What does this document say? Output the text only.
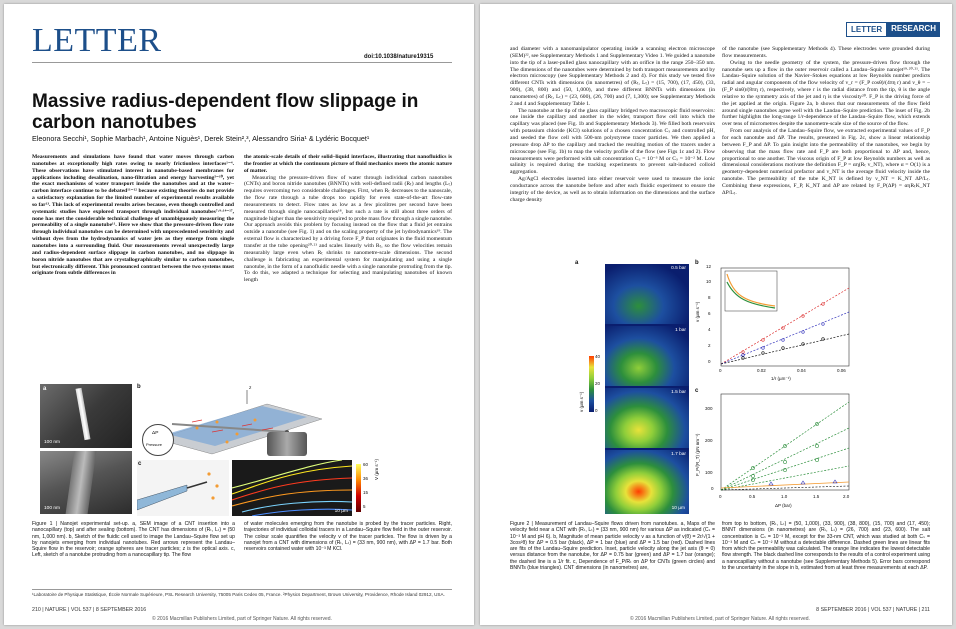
LETTER	doi:10.1038/nature19315
Massive radius-dependent flow slippage in carbon nanotubes
Eleonora Secchi¹, Sophie Marbach¹, Antoine Niguès¹, Derek Stein²,³, Alessandro Siria¹ & Lydéric Bocquet¹

Measurements and simulations have found that water moves through carbon nanotubes at exceptionally high rates owing to nearly frictionless interfaces¹⁻⁴. These observations have stimulated interest in nanotube-based membranes for applications including desalination, nano-filtration and energy harvesting⁵⁻¹⁰, yet the exact mechanisms of water transport inside the nanotubes and at the water–carbon interface continue to be debated¹¹⁻¹² because existing theories do not provide a satisfactory explanation for the limited number of experimental results available so far¹³. This lack of experimental results arises because, even though controlled and systematic studies have explored transport through individual nanotubes⁷·⁹·¹⁴⁻¹⁷, none has met the considerable technical challenge of unambiguously measuring the permeability of a single nanotube¹¹. Here we show that the pressure-driven flow rate through individual nanotubes can be determined with unprecedented sensitivity and without dyes from the hydrodynamics of water jets as they emerge from single nanotubes into a surrounding fluid. Our measurements reveal unexpectedly large and radius-dependent surface slippage in carbon nanotubes, and no slippage in boron nitride nanotubes that are crystallographically similar to carbon nanotubes, but electronically different. This pronounced contrast between the two systems must originate from subtle differences in

the atomic-scale details of their solid–liquid interfaces, illustrating that nanofluidics is the frontier at which the continuum picture of fluid mechanics meets the atomic nature of matter.

Measuring the pressure-driven flow of water through individual carbon nanotubes (CNTs) and boron nitride nanotubes (BNNTs) with well-defined radii (Rₜ) and lengths (Lₜ) requires overcoming two considerable challenges. First, when Rₜ decreases to the nanoscale, the flow rate through a tube drops too rapidly for even state-of-the-art flow-rate measurements to detect. Flow rates as low as a few picolitres per second have been measured through single nanocapillaries¹⁸, but such a rate is still about three orders of magnitude higher than the sensitivity required to probe mass flow through a single nanotube. Our approach avoids this problem by focusing instead on the flow that a fluid jet entrains outside a nanotube (see Fig. 1) and on the scaling property of the jet hydrodynamics¹⁹. The external flow is characterized by a driving force F_P that originates in the fluid momentum transfer at the tube opening²⁰·²¹ and scales linearly with Rₜ, so the flow velocities remain measurably large even when Rₜ shrinks to nanometre-scale dimensions. The second challenge is fabricating an experimental system for manipulating and using a single nanotube, in the form of a nanofluidic needle with a single nanotube protruding from the tip. To do this, we adapted a technique for selecting and manipulating nanotubes of known length

a
100 nm
100 nm
b	z
ΔP
Pressure
c
10 µm
60
36
15
5
V (µm s⁻¹)
Figure 1 | Nanojet experimental set-up. a, SEM image of a CNT insertion into a nanocapillary (top) and after sealing (bottom). The CNT has dimensions of (Rₜ, Lₜ) = (50 nm, 1,000 nm). b, Sketch of the fluidic cell used to image the Landau–Squire flow set up by nanojets emerging from individual nanotubes. Red arrows represent the Landau–Squire flow in the reservoir; orange spheres are tracer particles; z is the optical axis. c, Left, sketch of a nanotube protruding from a nanocapillary tip. The flow
of water molecules emerging from the nanotube is probed by the tracer particles. Right, trajectories of individual colloidal tracers in a Landau–Squire flow field in the outer reservoir. The colour scale quantifies the velocity v of the tracer particles. The flow is driven by a nanojet from a CNT with dimensions of (Rₜ, Lₜ) = (33 nm, 900 nm), with ΔP = 1.7 bar. Both reservoirs contained water with 10⁻³ M KCl.
¹Laboratoire de Physique Statistique, École Normale Supérieure, PSL Research University, 75005 Paris Cedex 05, France. ²Physics Department, Brown University, Providence, Rhode Island 02912, USA.
210 | NATURE | VOL 537 | 8 SEPTEMBER 2016
© 2016 Macmillan Publishers Limited, part of Springer Nature. All rights reserved.
LETTER	RESEARCH

and diameter with a nanomanipulator operating inside a scanning electron microscope (SEM)²², see Supplementary Methods 1 and Supplementary Video 1. We guided a nanotube into the tip of a laser-pulled glass nanocapillary with an orifice in the range 250–350 nm. The dimensions of the nanotubes were determined by both transport measurements and by electron microscopy (see Supplementary Methods 2 and 4). For this study we tested five different CNTs with dimensions (in nanometres) of (Rₜ, Lₜ) = (15, 700), (17, 450), (33, 900), (38, 800) and (50, 1,000), and three different BNNTs with dimensions (in nanometres) of (Rₜ, Lₜ) = (23, 600), (26, 700) and (7, 1,300); see Supplementary Methods 2 and 4 and Supplementary Table 1.

The nanotube at the tip of the glass capillary bridged two macroscopic fluid reservoirs: one inside the capillary and another in the wider, transport flow cell into which the capillary was placed (see Fig. 1b and Supplementary Methods 3). We filled both reservoirs with potassium chloride (KCl) solutions of a chosen concentration Cₛ and controlled pH, and seeded the flow cell with 500-nm polystyrene tracer particles. We then applied a pressure drop ΔP to the capillary and tracked the resulting motion of the tracers under a microscope (see Fig. 1b) to map the velocity profile of the flow (see Figs 1c and 2). Flow measurements were performed with salt concentration Cₛ = 10⁻³ M or Cₛ = 10⁻² M. Low salinity is required during the tracking experiments to prevent salt-induced colloid aggregation.

Ag/AgCl electrodes inserted into either reservoir were used to measure the ionic conductance across the nanotube before and after each fluidic experiment to ensure the integrity of the device, as well as to obtain information on the dimensions and the surface charge density

of the nanotube (see Supplementary Methods 4). These electrodes were grounded during flow measurements.

Owing to the needle geometry of the system, the pressure-driven flow through the nanotube sets up a flow in the outer reservoir called a Landau–Squire nanojet¹⁹·²⁰·²¹. The Landau–Squire solution of the Navier–Stokes equations at low Reynolds number predicts radial and angular components of the flow velocity of v_r = (F_P cosθ)/(4πη r) and v_θ = −(F_P sinθ)/(8πη r), respectively, where r is the radial distance from the tip, θ is the angle relative to the symmetry axis of the jet and η is the viscosity²⁰. F_P is the driving force of the jet applied at the origin. Figure 2a, b shows that our measurements of the flow field around single nanotubes agree well with the Landau–Squire prediction. The inset of Fig. 2b further highlights the long-range 1/r-dependence of the Landau–Squire flow, which extends over tens of micrometres despite the nanometre-scale size of the source of the flow.

From our analysis of the Landau–Squire flow, we extracted experimental values of F_P for each nanotube and ΔP. The results, presented in Fig. 2c, show a linear relationship between F_P and ΔP. To gain insight into the permeability of the nanotubes, we begin by observing that the mass flow rate and F_P are both proportional to ΔP and, hence, proportional to one another. The viscous origin of F_P at low Reynolds numbers as well as dimensional considerations motivate the definition F_P = αη(Rₜ v_NT), where α = O(1) is a geometry-dependent numerical prefactor and v_NT is the average fluid velocity inside the nanotube. The permeability of the tube K_NT is defined by v_NT = K_NT ΔP/Lₜ. Combining these expressions, F_P, K_NT and ΔP are related by F_P(ΔP) = αηRₜK_NT ΔP/Lₜ.

a
0.5 bar
1 bar
1.5 bar
1.7 bar
10 µm
40
20
0
v (µm s⁻¹)
b
12
10
8
6
4
2
0
v (µm s⁻¹)
0	0.02	0.04	0.06
1/r (µm⁻¹)
c
300
200
100
0
F_P/(R_T) (pN nm⁻¹)
0	0.5	1.0	1.5	2.0
ΔP (bar)
Figure 2 | Measurement of Landau–Squire flows driven from nanotubes. a, Maps of the velocity field near a CNT with (Rₜ, Lₜ) = (33 nm, 900 nm) for various ΔP as indicated (Cₛ = 10⁻³ M and pH 6). b, Magnitude of mean particle velocity v as a function of v(θ) = 2r/√(1 + 3cos²θ) for ΔP = 0.5 bar (black), ΔP = 1 bar (blue) and ΔP = 1.5 bar (red). Dashed lines are fits of the Landau–Squire prediction. Inset, particle velocity along the jet axis (θ = 0) versus distance from the nanotube, for ΔP = 0.75 bar (green) and ΔP = 1.7 bar (orange); the dashed line is a 1/r fit. c, Dependence of F_P/Rₜ on ΔP for CNTs (green circles) and BNNTs (blue triangles). CNT dimensions (in nanometres) are,
from top to bottom, (Rₜ, Lₜ) = (50, 1,000), (33, 900), (38, 800), (15, 700) and (17, 450); BNNT dimensions (in nanometres) are (Rₜ, Lₜ) = (26, 700) and (23, 600). The salt concentration is Cₛ = 10⁻³ M, except for the 33-nm CNT, which was studied at both Cₛ = 10⁻³ M and Cₛ = 10⁻² M without a detectable difference. Dashed green lines are linear fits from which the permeability was calculated. The orange line indicates the lowest detectable flow strength. The black dashed line corresponds to the results of a control experiment using a nanocapillary without a nanotube (see Supplementary Methods 5). Error bars correspond to the uncertainty in the slope in b, estimated from at least three measurements at each ΔP.
8 SEPTEMBER 2016 | VOL 537 | NATURE | 211
© 2016 Macmillan Publishers Limited, part of Springer Nature. All rights reserved.
